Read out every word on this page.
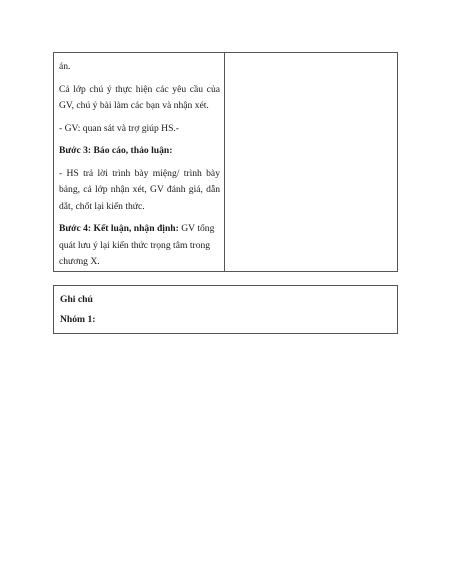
án.

Cả lớp chú ý thực hiện các yêu cầu của GV, chú ý bài làm các bạn và nhận xét.

- GV: quan sát và trợ giúp HS.-

Bước 3: Báo cáo, thảo luận:

- HS trả lời trình bày miệng/ trình bày bảng, cả lớp nhận xét, GV đánh giá, dẫn dắt, chốt lại kiến thức.

Bước 4: Kết luận, nhận định: GV tổng quát lưu ý lại kiến thức trọng tâm trong chương X.

Ghi chú
Nhóm 1:
